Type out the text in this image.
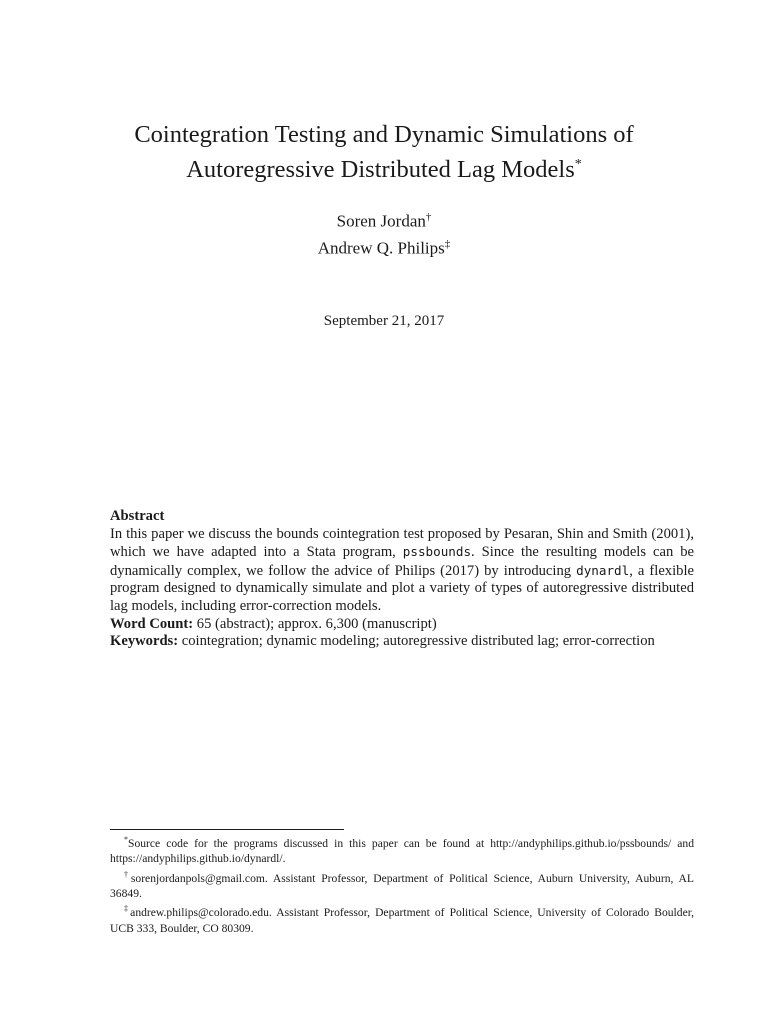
Cointegration Testing and Dynamic Simulations of
Autoregressive Distributed Lag Models*
Soren Jordan†
Andrew Q. Philips‡
September 21, 2017
Abstract
In this paper we discuss the bounds cointegration test proposed by Pesaran, Shin and Smith (2001), which we have adapted into a Stata program, pssbounds. Since the resulting models can be dynamically complex, we follow the advice of Philips (2017) by introducing dynardl, a flexible program designed to dynamically simulate and plot a variety of types of autoregressive distributed lag models, including error-correction models.
Word Count: 65 (abstract); approx. 6,300 (manuscript)
Keywords: cointegration; dynamic modeling; autoregressive distributed lag; error-correction
*Source code for the programs discussed in this paper can be found at http://andyphilips.github.io/pssbounds/ and https://andyphilips.github.io/dynardl/.
†sorenjordanpols@gmail.com. Assistant Professor, Department of Political Science, Auburn University, Auburn, AL 36849.
‡andrew.philips@colorado.edu. Assistant Professor, Department of Political Science, University of Colorado Boulder, UCB 333, Boulder, CO 80309.
